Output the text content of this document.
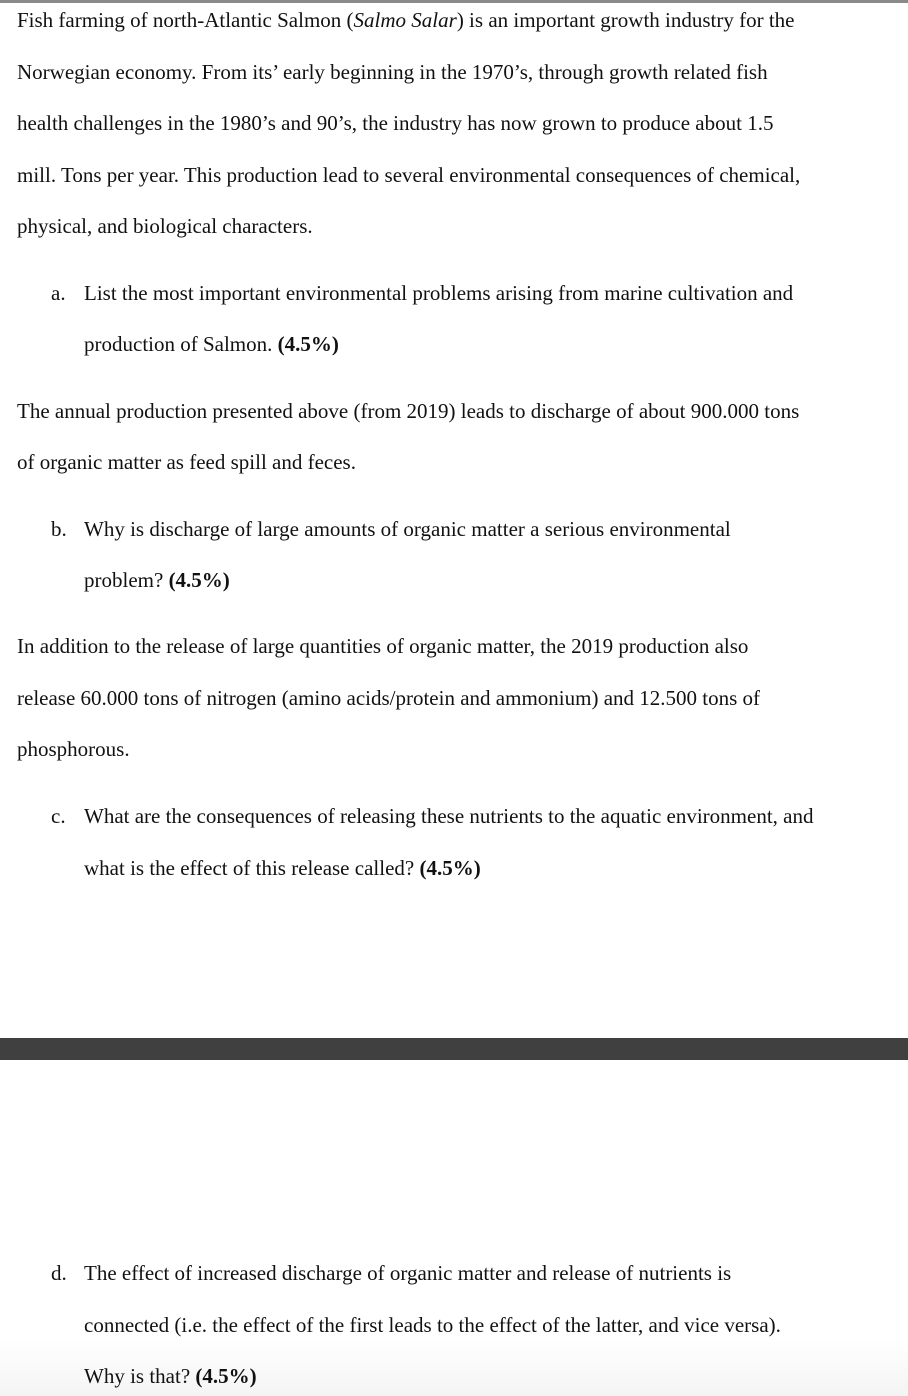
Fish farming of north-Atlantic Salmon (Salmo Salar) is an important growth industry for the
Norwegian economy. From its’ early beginning in the 1970’s, through growth related fish
health challenges in the 1980’s and 90’s, the industry has now grown to produce about 1.5
mill. Tons per year. This production lead to several environmental consequences of chemical,
physical, and biological characters.
a. List the most important environmental problems arising from marine cultivation and
production of Salmon. (4.5%)
The annual production presented above (from 2019) leads to discharge of about 900.000 tons
of organic matter as feed spill and feces.
b. Why is discharge of large amounts of organic matter a serious environmental
problem? (4.5%)
In addition to the release of large quantities of organic matter, the 2019 production also
release 60.000 tons of nitrogen (amino acids/protein and ammonium) and 12.500 tons of
phosphorous.
c. What are the consequences of releasing these nutrients to the aquatic environment, and
what is the effect of this release called? (4.5%)
d. The effect of increased discharge of organic matter and release of nutrients is
connected (i.e. the effect of the first leads to the effect of the latter, and vice versa).
Why is that? (4.5%)
